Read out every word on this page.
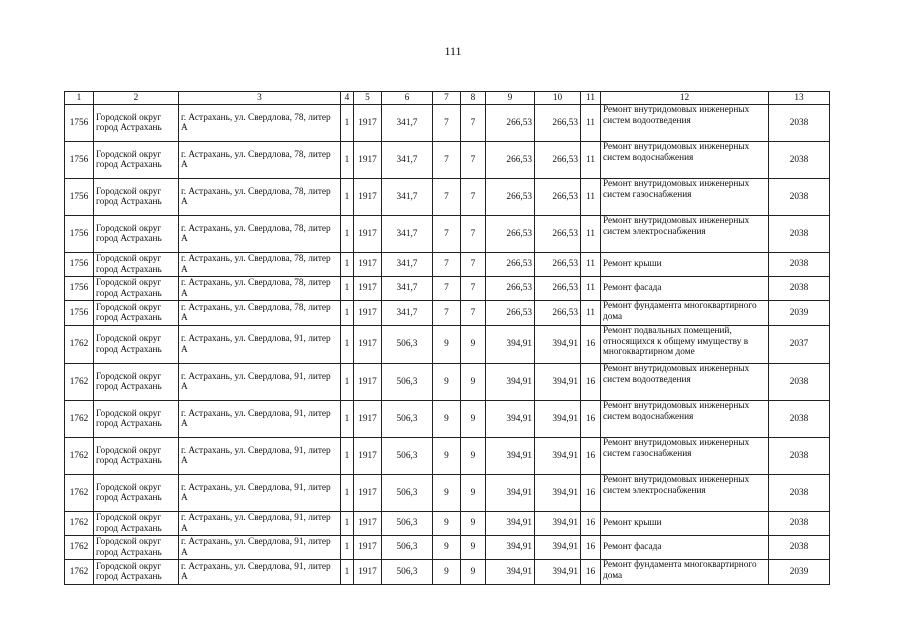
111
1	2	3	4	5	6	7	8	9	10	11	12	13
1756	Городской округ город Астрахань	г. Астрахань, ул. Свердлова, 78, литер А	1	1917	341,7	7	7	266,53	266,53	11	Ремонт внутридомовых инженерных систем водоотведения	2038
1756	Городской округ город Астрахань	г. Астрахань, ул. Свердлова, 78, литер А	1	1917	341,7	7	7	266,53	266,53	11	Ремонт внутридомовых инженерных систем водоснабжения	2038
1756	Городской округ город Астрахань	г. Астрахань, ул. Свердлова, 78, литер А	1	1917	341,7	7	7	266,53	266,53	11	Ремонт внутридомовых инженерных систем газоснабжения	2038
1756	Городской округ город Астрахань	г. Астрахань, ул. Свердлова, 78, литер А	1	1917	341,7	7	7	266,53	266,53	11	Ремонт внутридомовых инженерных систем электроснабжения	2038
1756	Городской округ город Астрахань	г. Астрахань, ул. Свердлова, 78, литер А	1	1917	341,7	7	7	266,53	266,53	11	Ремонт крыши	2038
1756	Городской округ город Астрахань	г. Астрахань, ул. Свердлова, 78, литер А	1	1917	341,7	7	7	266,53	266,53	11	Ремонт фасада	2038
1756	Городской округ город Астрахань	г. Астрахань, ул. Свердлова, 78, литер А	1	1917	341,7	7	7	266,53	266,53	11	Ремонт фундамента многоквартирного дома	2039
1762	Городской округ город Астрахань	г. Астрахань, ул. Свердлова, 91, литер А	1	1917	506,3	9	9	394,91	394,91	16	Ремонт подвальных помещений, относящихся к общему имуществу в многоквартирном доме	2037
1762	Городской округ город Астрахань	г. Астрахань, ул. Свердлова, 91, литер А	1	1917	506,3	9	9	394,91	394,91	16	Ремонт внутридомовых инженерных систем водоотведения	2038
1762	Городской округ город Астрахань	г. Астрахань, ул. Свердлова, 91, литер А	1	1917	506,3	9	9	394,91	394,91	16	Ремонт внутридомовых инженерных систем водоснабжения	2038
1762	Городской округ город Астрахань	г. Астрахань, ул. Свердлова, 91, литер А	1	1917	506,3	9	9	394,91	394,91	16	Ремонт внутридомовых инженерных систем газоснабжения	2038
1762	Городской округ город Астрахань	г. Астрахань, ул. Свердлова, 91, литер А	1	1917	506,3	9	9	394,91	394,91	16	Ремонт внутридомовых инженерных систем электроснабжения	2038
1762	Городской округ город Астрахань	г. Астрахань, ул. Свердлова, 91, литер А	1	1917	506,3	9	9	394,91	394,91	16	Ремонт крыши	2038
1762	Городской округ город Астрахань	г. Астрахань, ул. Свердлова, 91, литер А	1	1917	506,3	9	9	394,91	394,91	16	Ремонт фасада	2038
1762	Городской округ город Астрахань	г. Астрахань, ул. Свердлова, 91, литер А	1	1917	506,3	9	9	394,91	394,91	16	Ремонт фундамента многоквартирного дома	2039
